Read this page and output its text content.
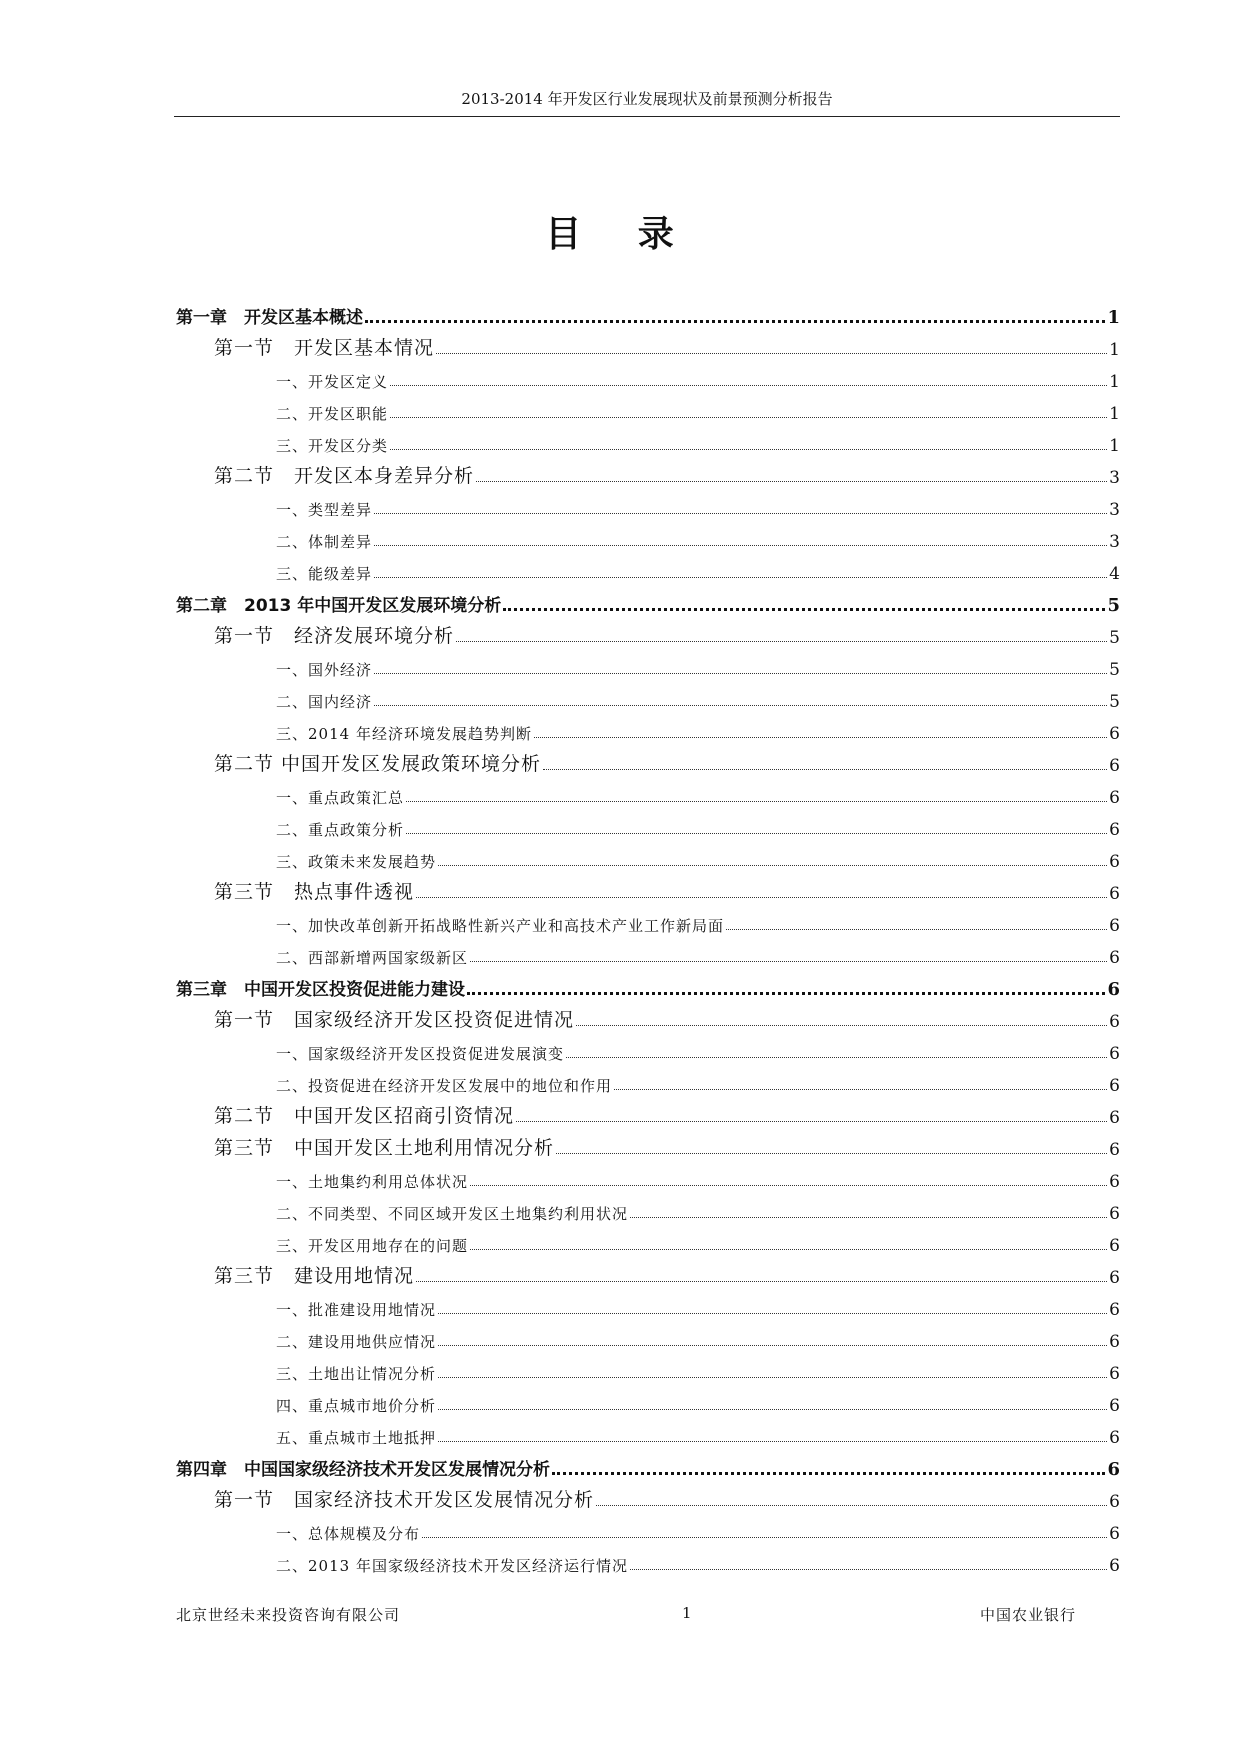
2013-2014 年开发区行业发展现状及前景预测分析报告
目 录
第一章　开发区基本概述	1
第一节　开发区基本情况	1
一、开发区定义	1
二、开发区职能	1
三、开发区分类	1
第二节　开发区本身差异分析	3
一、类型差异	3
二、体制差异	3
三、能级差异	4
第二章　2013 年中国开发区发展环境分析	5
第一节　经济发展环境分析	5
一、国外经济	5
二、国内经济	5
三、2014 年经济环境发展趋势判断	6
第二节 中国开发区发展政策环境分析	6
一、重点政策汇总	6
二、重点政策分析	6
三、政策未来发展趋势	6
第三节　热点事件透视	6
一、加快改革创新开拓战略性新兴产业和高技术产业工作新局面	6
二、西部新增两国家级新区	6
第三章　中国开发区投资促进能力建设	6
第一节　国家级经济开发区投资促进情况	6
一、国家级经济开发区投资促进发展演变	6
二、投资促进在经济开发区发展中的地位和作用	6
第二节　中国开发区招商引资情况	6
第三节　中国开发区土地利用情况分析	6
一、土地集约利用总体状况	6
二、不同类型、不同区域开发区土地集约利用状况	6
三、开发区用地存在的问题	6
第三节　建设用地情况	6
一、批准建设用地情况	6
二、建设用地供应情况	6
三、土地出让情况分析	6
四、重点城市地价分析	6
五、重点城市土地抵押	6
第四章　中国国家级经济技术开发区发展情况分析	6
第一节　国家经济技术开发区发展情况分析	6
一、总体规模及分布	6
二、2013 年国家级经济技术开发区经济运行情况	6
北京世经未来投资咨询有限公司	1	中国农业银行
